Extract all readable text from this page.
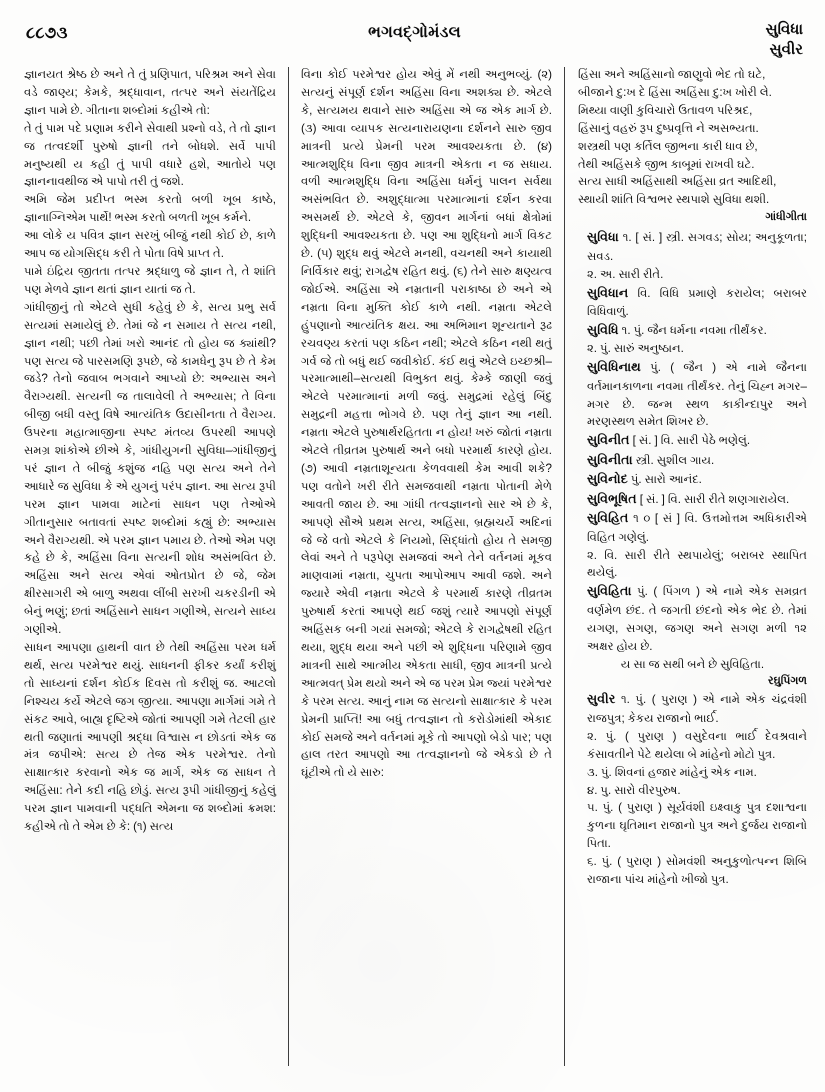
૮૮૭૩	ભગવદ્ગોમંડલ	સુવિધા
સુવીર

જ્ઞાનયત શ્રેષ્ઠ છે અને તે તું પ્રણિપાત, પરિશ્રમ અને સેવા વડે જાણ્ય; કેમકે, શ્રદ્ધાવાન, તત્પર અને સંયતેંદ્રિય જ્ઞાન પામે છે. ગીતાના શબ્દોમાં કહીએ તો:

તે તું પામ પદે પ્રણામ કરીને સેવાથી પ્રશ્નો વડે, તે તો જ્ઞાન જ તત્વદર્શી પુરુષો જ્ઞાની તને બોધશે. સર્વે પાપી મનુષ્યથી ય કહી તું પાપી વધારે હશે, આતોયે પણ જ્ઞાનનાવથીજ એ પાપો તરી તું જશે.

અમિ જેમ પ્રદીપ્ત ભસ્મ કરતો બળી ખૂબ કાષ્ઠે, જ્ઞાનાગ્નિએમ પાર્થે! ભસ્મ કરતો બળતી ખૂબ કર્મને.

આ લોકે ય પવિત્ર જ્ઞાન સરખું બીજું નથી કોઈ છે, કાળે આપ જ યોગસિદ્ધ કરી તે પોતા વિષે પ્રાપ્ત તે.

પામે ઇંદ્રિય જીતતા તત્પર શ્રદ્ધાળુ જે જ્ઞાન તે, તે શાંતિ પણ મેળવે જ્ઞાન થતાં જ્ઞાન યાતાં જ તે.

ગાંધીજીનું તો એટલે સુધી કહેવું છે કે, સત્ય પ્રભુ સર્વ સત્યમાં સમાયેલું છે. તેમાં જે ન સમાય તે સત્ય નથી, જ્ઞાન નથી; પછી તેમાં ખરો આનંદ તો હોય જ ક્યાંથી? પણ સત્ય જે પારસમણિ રૂપછે, જે કામધેનુ રૂપ છે તે કેમ જડે? તેનો જવાબ ભગવાને આપ્યો છે: અભ્યાસ અને વૈરાગ્યથી. સત્યની જ તાલાવેલી તે અભ્યાસ; તે વિના બીજી બધી વસ્તુ વિષે આત્યંતિક ઉદાસીનતા તે વૈરાગ્ય. ઉપરના મહાત્માજીના સ્પષ્ટ મંતવ્ય ઉપરથી આપણે સમગ્ર શાંકોએ છીએ કે, ગાંધીયુગની સુવિધા–ગાંધીજીનું પરં જ્ઞાન તે બીજું કશુંજ નહિ પણ સત્ય અને તેને આધારે જ સુવિધા કે એ યુગનું પરંપ જ્ઞાન. આ સત્ય રૂપી પરમ જ્ઞાન પામવા માટેનાં સાધન પણ તેઓએ ગીતાનુસાર બતાવતાં સ્પષ્ટ શબ્દોમાં કહ્યું છે: અભ્યાસ અને વૈરાગ્યથી. એ પરમ જ્ઞાન પમાય છે. તેઓ એમ પણ કહે છે કે, અહિંસા વિના સત્યની શોધ અસંભવિત છે. અહિંસા અને સત્ય એવાં ઓતપ્રોત છે જે, જેમ ક્ષીરસાગરી એ બાળુ અથવા લીંબી સરખી ચકરડીની એ બેનું ભણું; છતાં અહિંસાને સાધન ગણીએ, સત્યને સાધ્ય ગણીએ.

સાધન આપણા હાથની વાત છે તેથી અહિંસા પરમ ધર્મ થર્થ, સત્ય પરમેશ્વર થયું. સાધનની ફીકર કર્યાં કરીશું તો સાધ્યનાં દર્શન કોઈક દિવસ તો કરીશું જ. આટલો નિશ્ચય કર્યે એટલે જગ જીત્યા. આપણા માર્ગમાં ગમે તે સંકટ આવે, બાહ્ય દૃષ્ટિએ જોતાં આપણી ગમે તેટલી હાર થતી જણાતાં આપણી શ્રદ્ધા વિશ્વાસ ન છોડતાં એક જ મંત્ર જપીએ: સત્ય છે તેજ એક પરમેશ્વર. તેનો સાક્ષાત્કાર કરવાનો એક જ માર્ગ, એક જ સાધન તે અહિંસા: તેને કદી નહિ છોડું. સત્ય રૂપી ગાંધીજીનું કહેલું પરમ જ્ઞાન પામવાની પદ્ધતિ એમના જ શબ્દોમાં ક્રમશ: કહીએ તો તે એમ છે કે: (૧) સત્ય

વિના કોઈ પરમેશ્વર હોય એવું મેં નથી અનુભવ્યું. (૨) સત્યનું સંપૂર્ણ દર્શન અહિંસા વિના અશક્ય છે. એટલે કે, સત્યમય થવાને સારુ અહિંસા એ જ એક માર્ગ છે. (૩) આવા વ્યાપક સત્યનારાયણના દર્શનને સારુ જીવ માત્રની પ્રત્યે પ્રેમની પરમ આવશ્યકતા છે. (૪) આત્મશુદ્ધિ વિના જીવ માત્રની એકતા ન જ સધાય. વળી આત્મશુદ્ધિ વિના અહિંસા ધર્મનું પાલન સર્વથા અસંભવિત છે. અશુદ્ધાત્મા પરમાત્માનાં દર્શન કરવા અસમર્થ છે. એટલે કે, જીવન માર્ગનાં બધાં ક્ષેત્રોમાં શુદ્ધિની આવશ્યકતા છે. પણ આ શુદ્ધિનો માર્ગ વિકટ છે. (૫) શુદ્ધ થવું એટલે મનથી, વચનથી અને કાયાથી નિર્વિકાર થવું; રાગદ્વેષ રહિત થવું. (૬) તેને સારુ ક્ષણ્યત્વ જોઈએ. અહિંસા એ નમ્રતાની પરાકાષ્ઠા છે અને એ નમ્રતા વિના મુક્તિ કોઈ કાળે નથી. નમ્રતા એટલે હુંપણાનો આત્યંતિક ક્ષય. આ અભિમાન શૂન્યતાને રૂઢ રચવણ્ય કરતાં પણ કઠિન નથી; એટલે કઠિન નથી થતું ગર્વ જે તો બધું થઈ જવીકોઈ. કંઈ થવું એટલે ઇચ્છશ્રી–પરમાત્માથી–સત્યથી વિભુક્ત થવું. કેમ્કે જાણી જવું એટલે પરમાત્માનાં મળી જવું. સમુદ્રમાં રહેલું બિંદુ સમુદ્રની મહત્તા ભોગવે છે. પણ તેનું જ્ઞાન આ નથી. નમ્રતા એટલે પુરુષાર્થરહિતતા ન હોય! ખરું જોતાં નમ્રતા એટલે તીવ્રતમ પુરુષાર્થ અને બધો પરમાર્થ કારણે હોય. (૭) આવી નમ્રતાશૂન્યતા કેળવવાથી કેમ આવી શકે? પણ વતોને ખરી રીતે સમજવાથી નમ્રતા પોતાની મેળે આવતી જાય છે. આ ગાંધી તત્વજ્ઞાનનો સાર એ છે કે, આપણે સૌએ પ્રથમ સત્ય, અહિંસા, બ્રહ્મચર્યે અદિનાં જે જે વતો એટલે કે નિયમો, સિદ્ધાંતો હોય તે સમજી લેવાં અને તે પરૂપેણ સમજવાં અને તેને વર્તનમાં મૂકવ માણવામાં નમ્રતા, ચુપતા આપોઆપ આવી જશે. અને જ્યારે એવી નમ્રતા એટલે કે પરમાર્થ કારણે તીવ્રતમ પુરુષાર્થ કરતાં આપણે થઈ જશું ત્યારે આપણો સંપૂર્ણ અહિંસક બની ગયાં સમજો; એટલે કે રાગદ્વેષથી રહિત થયા, શુદ્ધ થયા અને પછી એ શુદ્ધિના પરિણામે જીવ માત્રની સાથે આત્મીય એકતા સાધી, જીવ માત્રની પ્રત્યે આત્મવત્ પ્રેમ થયો અને એ જ પરમ પ્રેમ જ્યાં પરમેશ્વર કે પરમ સત્ય. આનું નામ જ સત્યનો સાક્ષાત્કાર કે પરમ પ્રેમની પ્રાપ્તિ! આ બધું તત્વજ્ઞાન તો કરોડોમાંથી એકાદ કોઈ સમજે અને વર્તનમાં મૂકે તો આપણો બેડો પાર; પણ હાલ તરત આપણો આ તત્વજ્ઞાનનો જે એકડો છે તે ઘૂંટીએ તો યે સારુ:

હિંસા અને અહિંસાનો જાણુવો ભેદ તો ઘટે,

બીજાને દુ:ખ દે હિંસા અહિંસા દુ:ખ ખોરી લે.

મિથ્યા વાણી કુવિચારો ઉતાવળ પરિશ્રદ,

હિંસાનું વહરું રૂપ દુષ્પ્રવૃત્તિ ને અસભ્યતા.

શસ્ત્રથી પણ કર્તિલ જીભના કારી ધાવ છે,

તેથી અહિંસકે જીભ કાબૂમાં રાખવી ઘટે.

સત્ય સાધી અહિંસાથી અહિંસા વ્રત આદિથી,

સ્થાયી શાંતિ વિશ્વભર સ્થપાશે સુવિધા થશી.

ગાંધીગીતા

સુવિધા ૧. [ સં. ] સ્ત્રી. સગવડ; સોય; અનુકૂળતા; સવડ.

૨. અ. સારી રીતે.

સુવિધાન વિ. વિધિ પ્રમાણે કરાયેલ; બરાબર વિધિવાળું.

સુવિધિ ૧. પું. જૈન ધર્મના નવમા તીર્થંકર.

૨. પું. સારું અનુષ્ઠાન.

સુવિધિનાથ પું. ( જૈન ) એ નામે જૈનના વર્તમાનકાળના નવમા તીર્થંકર. તેનું ચિહ્ન મગર–મગર છે. જન્મ સ્થળ કાકીન્દાપુર અને મરણસ્થળ સમેત શિખર છે.

સુવિનીત [ સં. ] વિ. સારી પેઠે ભણેલું.

સુવિનીતા સ્ત્રી. સુશીલ ગાય.

સુવિનોદ પું. સારો આનંદ.

સુવિભૂષિત [ સં. ] વિ. સારી રીતે શણગારાયેલ.

સુવિહિત ૧ ૦ [ સં ] વિ. ઉત્તમોત્તમ અધિકારીએ વિહિત ગણેલું.

૨. વિ. સારી રીતે સ્થપાયેલું; બરાબર સ્થાપિત થયેલું.

સુવિહિતા પું. ( પિંગળ ) એ નામે એક સમવ્રત વર્ણમેળ છંદ. તે જગતી છંદનો એક ભેદ છે. તેમાં યગણ, સગણ, જગણ અને સગણ મળી ૧૨ અક્ષર હોય છે.

ય સા જ સથી બને છે સુવિહિતા.

રઘુપિંગળ

સુવીર ૧. પું. ( પુરાણ ) એ નામે એક ચંદ્રવંશી રાજપુત્ર; કેકય રાજાનો ભાર્ઈ.

૨. પું. ( પુરાણ ) વસુદેવના ભાર્ઈ દેવશ્રવાને કંસાવતીને પેટે થયેલા બે માંહેનો મોટો પુત્ર.

૩. પું. શિવનાં હજાર માંહેનું એક નામ.

૪. પુ. સારો વીરપુરુષ.

૫. પું. ( પુરાણ ) સૂર્યવંશી ઇક્ષ્વાકુ પુત્ર દશાશ્વના કુળના ઘૃતિમાન રાજાનો પુત્ર અને દુર્જય રાજાનો પિતા.

૬. પું. ( પુરાણ ) સોમવંશી અનુકુળોત્પન્ન શિબિ રાજાના પાંચ માંહેનો ખીજો પુત્ર.
